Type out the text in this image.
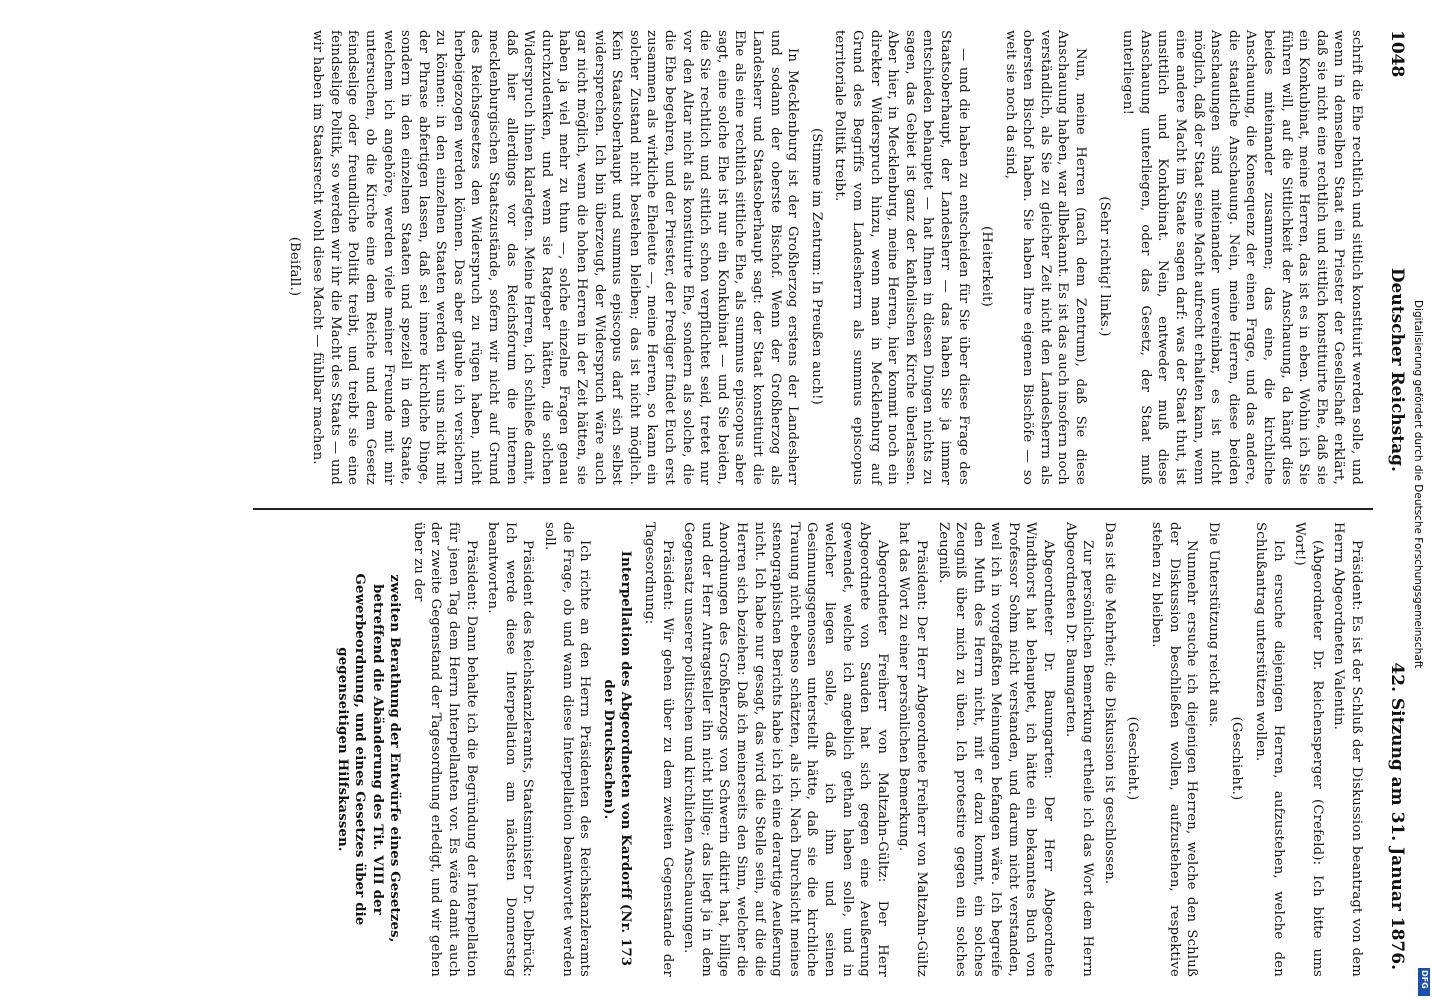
1048
Deutscher Reichstag.
42. Sitzung am 31. Januar 1876.

schrift die Ehe rechtlich und sittlich konstituirt werden solle, und wenn in demselben Staat ein Priester der Gesellschaft erklärt, daß sie nicht eine rechtlich und sittlich konstituirte Ehe, daß sie ein Konkubinat, meine Herren, das ist es in eben. Wohin ich Sie führen will, auf die Sittlichkeit der Anschauung, da hängt dies beides miteinander zusammen; das eine, die kirchliche Anschauung, die Konsequenz der einen Frage, und das andere, die staatliche Anschauung. Nein, meine Herren, diese beiden Anschauungen sind miteinander unvereinbar, es ist nicht möglich, daß der Staat seine Macht aufrecht erhalten kann, wenn eine andere Macht im Staate sagen darf: was der Staat thut, ist unsittlich und Konkubinat. Nein, entweder muß diese Anschauung unterliegen, oder das Gesetz, der Staat muß unterliegen!

(Sehr richtig! links.)

Nun, meine Herren (nach dem Zentrum), daß Sie diese Anschauung haben, war allbekannt. Es ist das auch insofern noch verständlich, als Sie zu gleicher Zeit nicht den Landesherrn als obersten Bischof haben. Sie haben Ihre eigenen Bischöfe — so weit sie noch da sind,

(Heiterkeit)

— und die haben zu entscheiden für Sie über diese Frage des Staatsoberhaupt, der Landesherr — das haben Sie ja immer entschieden behauptet — hat Ihnen in diesen Dingen nichts zu sagen, das Gebiet ist ganz der katholischen Kirche überlassen. Aber hier, in Mecklenburg, meine Herren, hier kommt noch ein direkter Widerspruch hinzu, wenn man in Mecklenburg auf Grund des Begriffs vom Landesherrn als summus episcopus territoriale Politik treibt.

(Stimme im Zentrum: In Preußen auch!)

In Mecklenburg ist der Großherzog erstens der Landesherr und sodann der oberste Bischof. Wenn der Großherzog als Landesherr und Staatsoberhaupt sagt: der Staat konstituirt die Ehe als eine rechtlich sittliche Ehe, als summus episcopus aber sagt, eine solche Ehe ist nur ein Konkubinat — und Sie beiden, die Sie rechtlich und sittlich schon verpflichtet seid, tretet nur vor den Altar nicht als konstituirte Ehe, sondern als solche, die die Ehe begehren, und der Priester, der Prediger findet Euch erst zusammen als wirkliche Eheleute —, meine Herren, so kann ein solcher Zustand nicht bestehen bleiben; das ist nicht möglich. Kein Staatsoberhaupt und summus episcopus darf sich selbst widersprechen. Ich bin überzeugt, der Widerspruch wäre auch gar nicht möglich, wenn die hohen Herren in der Zeit hätten, sie haben ja viel mehr zu thun —, solche einzelne Fragen genau durchzudenken, und wenn sie Ratgeber hätten, die solchen Widerspruch ihnen klarlegten. Meine Herren, ich schließe damit, daß hier allerdings vor das Reichsforum die internen mecklenburgischen Staatszustände, sofern wir nicht auf Grund des Reichsgesetzes den Widerspruch zu rügen haben, nicht herbeigezogen werden können. Das aber glaube ich versichern zu können: in den einzelnen Staaten werden wir uns nicht mit der Phrase abfertigen lassen, daß sei innere kirchliche Dinge, sondern in den einzelnen Staaten und speziell in dem Staate, welchem ich angehöre, werden viele meiner Freunde mit mir untersuchen, ob die Kirche eine dem Reiche und dem Gesetz feindselige oder freundliche Politik treibt, und treibt sie eine feindselige Politik, so werden wir ihr die Macht des Staats — und wir haben im Staatsrecht wohl diese Macht — fühlbar machen.

(Beifall.)

Präsident: Es ist der Schluß der Diskussion beantragt von dem Herrn Abgeordneten Valentin.

(Abgeordneter Dr. Reichensperger (Crefeld): Ich bitte ums Wort!)

Ich ersuche diejenigen Herren, aufzustehen, welche den Schlußantrag unterstützen wollen.

(Geschieht.)

Die Unterstützung reicht aus.

Nunmehr ersuche ich diejenigen Herren, welche den Schluß der Diskussion beschließen wollen, aufzustehen, respektive stehen zu bleiben.

(Geschieht.)

Das ist die Mehrheit; die Diskussion ist geschlossen.

Zur persönlichen Bemerkung ertheile ich das Wort dem Herrn Abgeordneten Dr. Baumgarten.

Abgeordneter Dr. Baumgarten: Der Herr Abgeordnete Windthorst hat behauptet, ich hätte ein bekanntes Buch von Professor Sohm nicht verstanden, und darum nicht verstanden, weil ich in vorgefaßten Meinungen befangen wäre. Ich begreife den Muth des Herrn nicht, mit er dazu kommt, ein solches Zeugniß über mich zu üben. Ich protestire gegen ein solches Zeugniß.

Präsident: Der Herr Abgeordnete Freiherr von Maltzahn-Gültz hat das Wort zu einer persönlichen Bemerkung.

Abgeordneter Freiherr von Maltzahn-Gültz: Der Herr Abgeordnete von Sauden hat sich gegen eine Aeußerung gewendet, welche ich angeblich gethan haben solle, und in welcher liegen solle, daß ich ihm und seinen Gesinnungsgenossen unterstellt hätte, daß sie die kirchliche Trauung nicht ebenso schätzten, als ich. Nach Durchsicht meines stenographischen Berichts habe ich ich eine derartige Aeußerung nicht. Ich habe nur gesagt, das wird die Stelle sein, auf die die Herren sich beziehen: Daß ich meinerseits den Sinn, welcher die Anordnungen des Großherzogs von Schwerin diktirt hat, billige und der Herr Antragsteller ihn nicht billige; das liegt ja in dem Gegensatz unserer politischen und kirchlichen Anschauungen.

Präsident: Wir gehen über zu dem zweiten Gegenstande der Tagesordnung:

Interpellation des Abgeordneten von Kardorff (Nr. 173 der Drucksachen).

Ich richte an den Herrn Präsidenten des Reichskanzleramts die Frage, ob und wann diese Interpellation beantwortet werden soll.

Präsident des Reichskanzleramts, Staatsminister Dr. Delbrück: Ich werde diese Interpellation am nächsten Donnerstag beantworten.

Präsident: Dann behalte ich die Begründung der Interpellation für jenen Tag dem Herrn Interpellanten vor. Es wäre damit auch der zweite Gegenstand der Tagesordnung erledigt, und wir gehen über zu der

zweiten Berathung der Entwürfe eines Gesetzes, betreffend die Abänderung des Tit. VIII der Gewerbeordnung, und eines Gesetzes über die gegenseitigen Hilfskassen.

Digitalisierung gefördert durch die Deutsche Forschungsgemeinschaft
DFG
